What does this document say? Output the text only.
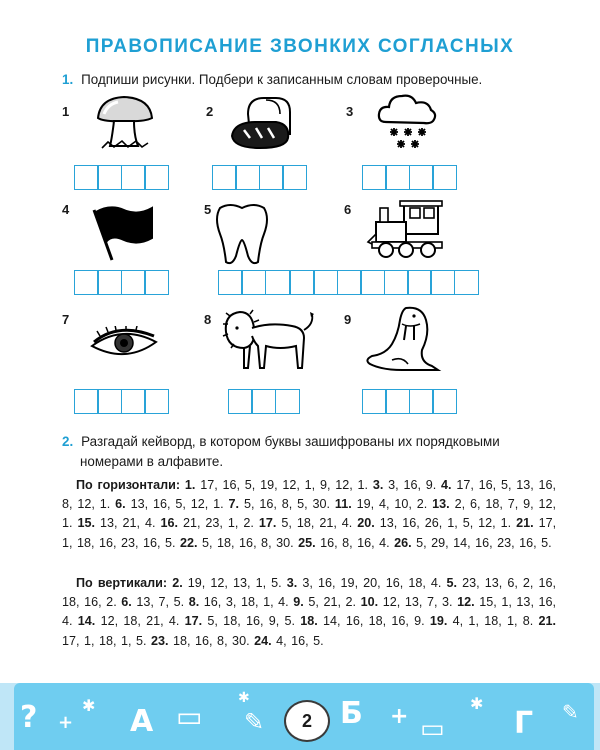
ПРАВОПИСАНИЕ ЗВОНКИХ СОГЛАСНЫХ
1. Подпиши рисунки. Подбери к записанным словам проверочные.
1	2	3
4	5	6
7	8	9
2. Разгадай кейворд, в котором буквы зашифрованы их порядковыми
номерами в алфавите.
По горизонтали: 1. 17, 16, 5, 19, 12, 1, 9, 12, 1. 3. 3, 16, 9. 4. 17, 16, 5, 13, 16, 8, 12, 1. 6. 13, 16, 5, 12, 1. 7. 5, 16, 8, 5, 30. 11. 19, 4, 10, 2. 13. 2, 6, 18, 7, 9, 12, 1. 15. 13, 21, 4. 16. 21, 23, 1, 2. 17. 5, 18, 21, 4. 20. 13, 16, 26, 1, 5, 12, 1. 21. 17, 1, 18, 16, 23, 16, 5. 22. 5, 18, 16, 8, 30. 25. 16, 8, 16, 4. 26. 5, 29, 14, 16, 23, 16, 5.
По вертикали: 2. 19, 12, 13, 1, 5. 3. 3, 16, 19, 20, 16, 18, 4. 5. 23, 13, 6, 2, 16, 18, 16, 2. 6. 13, 7, 5. 8. 16, 3, 18, 1, 4. 9. 5, 21, 2. 10. 12, 13, 7, 3. 12. 15, 1, 13, 16, 4. 14. 12, 18, 21, 4. 17. 5, 18, 16, 9, 5. 18. 14, 16, 18, 16, 9. 19. 4, 1, 18, 1, 8. 21. 17, 1, 18, 1, 5. 23. 18, 16, 8, 30. 24. 4, 16, 5.
? +
✱ А ▭ ✎
✱	Б + ▭
✱
Г ✎
2
